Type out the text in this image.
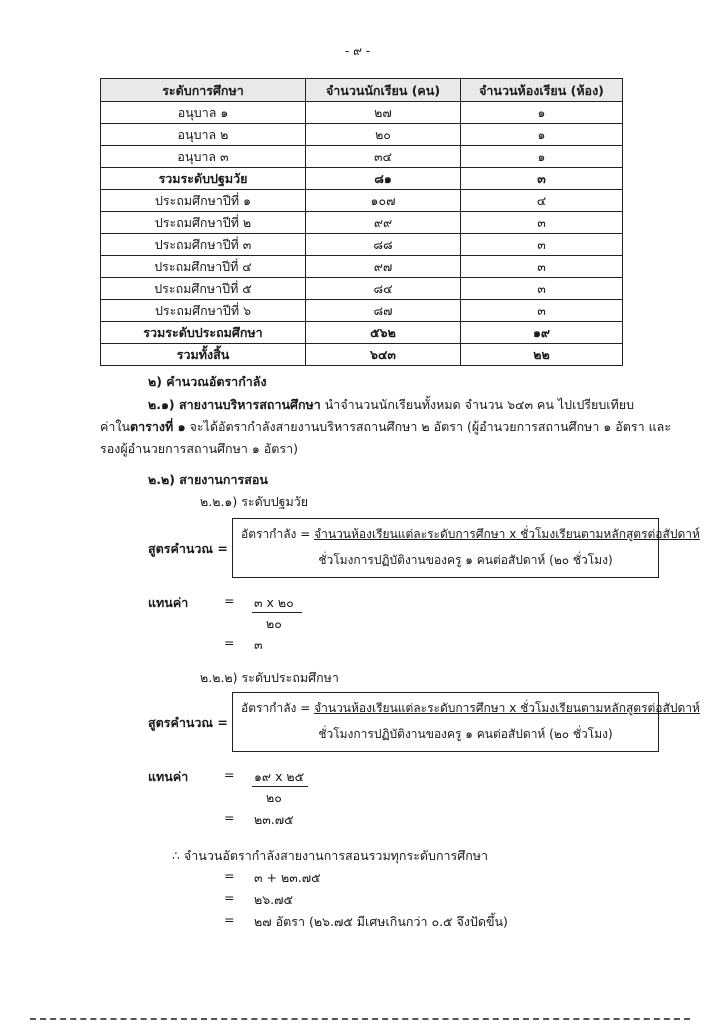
- ๙ -
ระดับการศึกษา	จำนวนนักเรียน (คน)	จำนวนห้องเรียน (ห้อง)
อนุบาล ๑	๒๗	๑
อนุบาล ๒	๒๐	๑
อนุบาล ๓	๓๔	๑
รวมระดับปฐมวัย	๘๑	๓
ประถมศึกษาปีที่ ๑	๑๐๗	๔
ประถมศึกษาปีที่ ๒	๙๙	๓
ประถมศึกษาปีที่ ๓	๘๘	๓
ประถมศึกษาปีที่ ๔	๙๗	๓
ประถมศึกษาปีที่ ๕	๘๔	๓
ประถมศึกษาปีที่ ๖	๘๗	๓
รวมระดับประถมศึกษา	๕๖๒	๑๙
รวมทั้งสิ้น	๖๔๓	๒๒
๒) คำนวณอัตรากำลัง
๒.๑) สายงานบริหารสถานศึกษา นำจำนวนนักเรียนทั้งหมด จำนวน ๖๔๓ คน ไปเปรียบเทียบ
ค่าในตารางที่ ๑ จะได้อัตรากำลังสายงานบริหารสถานศึกษา ๒ อัตรา (ผู้อำนวยการสถานศึกษา ๑ อัตรา และ
รองผู้อำนวยการสถานศึกษา ๑ อัตรา)
๒.๒) สายงานการสอน
๒.๒.๑) ระดับปฐมวัย
สูตรคำนวณ =
อัตรากำลัง = จำนวนห้องเรียนแต่ละระดับการศึกษา x ชั่วโมงเรียนตามหลักสูตรต่อสัปดาห์
ชั่วโมงการปฏิบัติงานของครู ๑ คนต่อสัปดาห์ (๒๐ ชั่วโมง)
แทนค่า	= ๓ x ๒๐
๒๐
= ๓
๒.๒.๒) ระดับประถมศึกษา
สูตรคำนวณ =
อัตรากำลัง = จำนวนห้องเรียนแต่ละระดับการศึกษา x ชั่วโมงเรียนตามหลักสูตรต่อสัปดาห์
ชั่วโมงการปฏิบัติงานของครู ๑ คนต่อสัปดาห์ (๒๐ ชั่วโมง)
แทนค่า	= ๑๙ x ๒๕
๒๐
= ๒๓.๗๕
∴ จำนวนอัตรากำลังสายงานการสอนรวมทุกระดับการศึกษา
= ๓ + ๒๓.๗๕
= ๒๖.๗๕
= ๒๗ อัตรา (๒๖.๗๕ มีเศษเกินกว่า ๐.๕ จึงปัดขึ้น)
